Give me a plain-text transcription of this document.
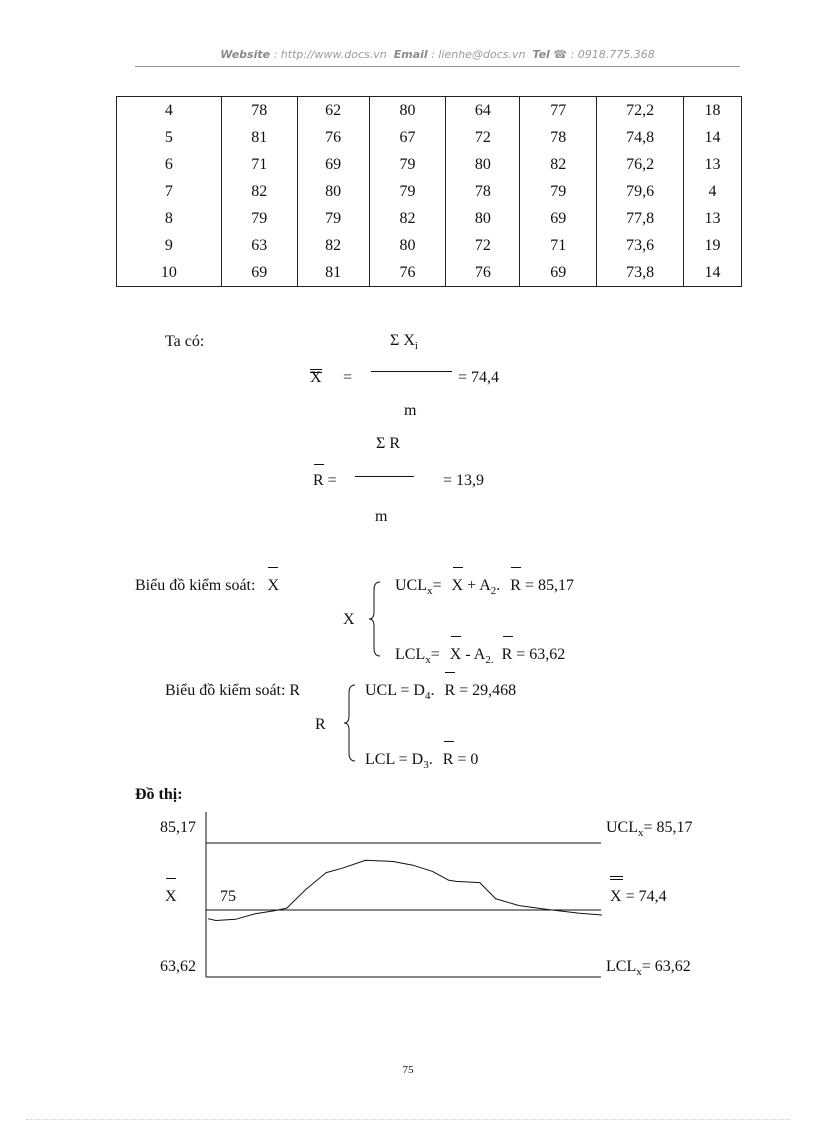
Website : http://www.docs.vn Email : lienhe@docs.vn Tel ☎ : 0918.775.368
4	78	62	80	64	77	72,2	18
5	81	76	67	72	78	74,8	14
6	71	69	79	80	82	76,2	13
7	82	80	79	78	79	79,6	4
8	79	79	82	80	69	77,8	13
9	63	82	80	72	71	73,6	19
10	69	81	76	76	69	73,8	14
Ta có:	Σ $X_i$
X =	= 74,4
m
Σ R
R =	= 13,9
m
Biểu đồ kiểm soát: X
X
$UCL_x= X + A_2$. R = 85,17
$LCL_x= X - A_{2.}$ R = 63,62
Biểu đồ kiểm soát: R
R
UCL = $D_4$. R = 29,468
LCL = $D_3$. R = 0
Đồ thị:
85,17
X	75
63,62
$UCL_x= 85,17$
X = 74,4
$LCL_x= 63,62$
75
